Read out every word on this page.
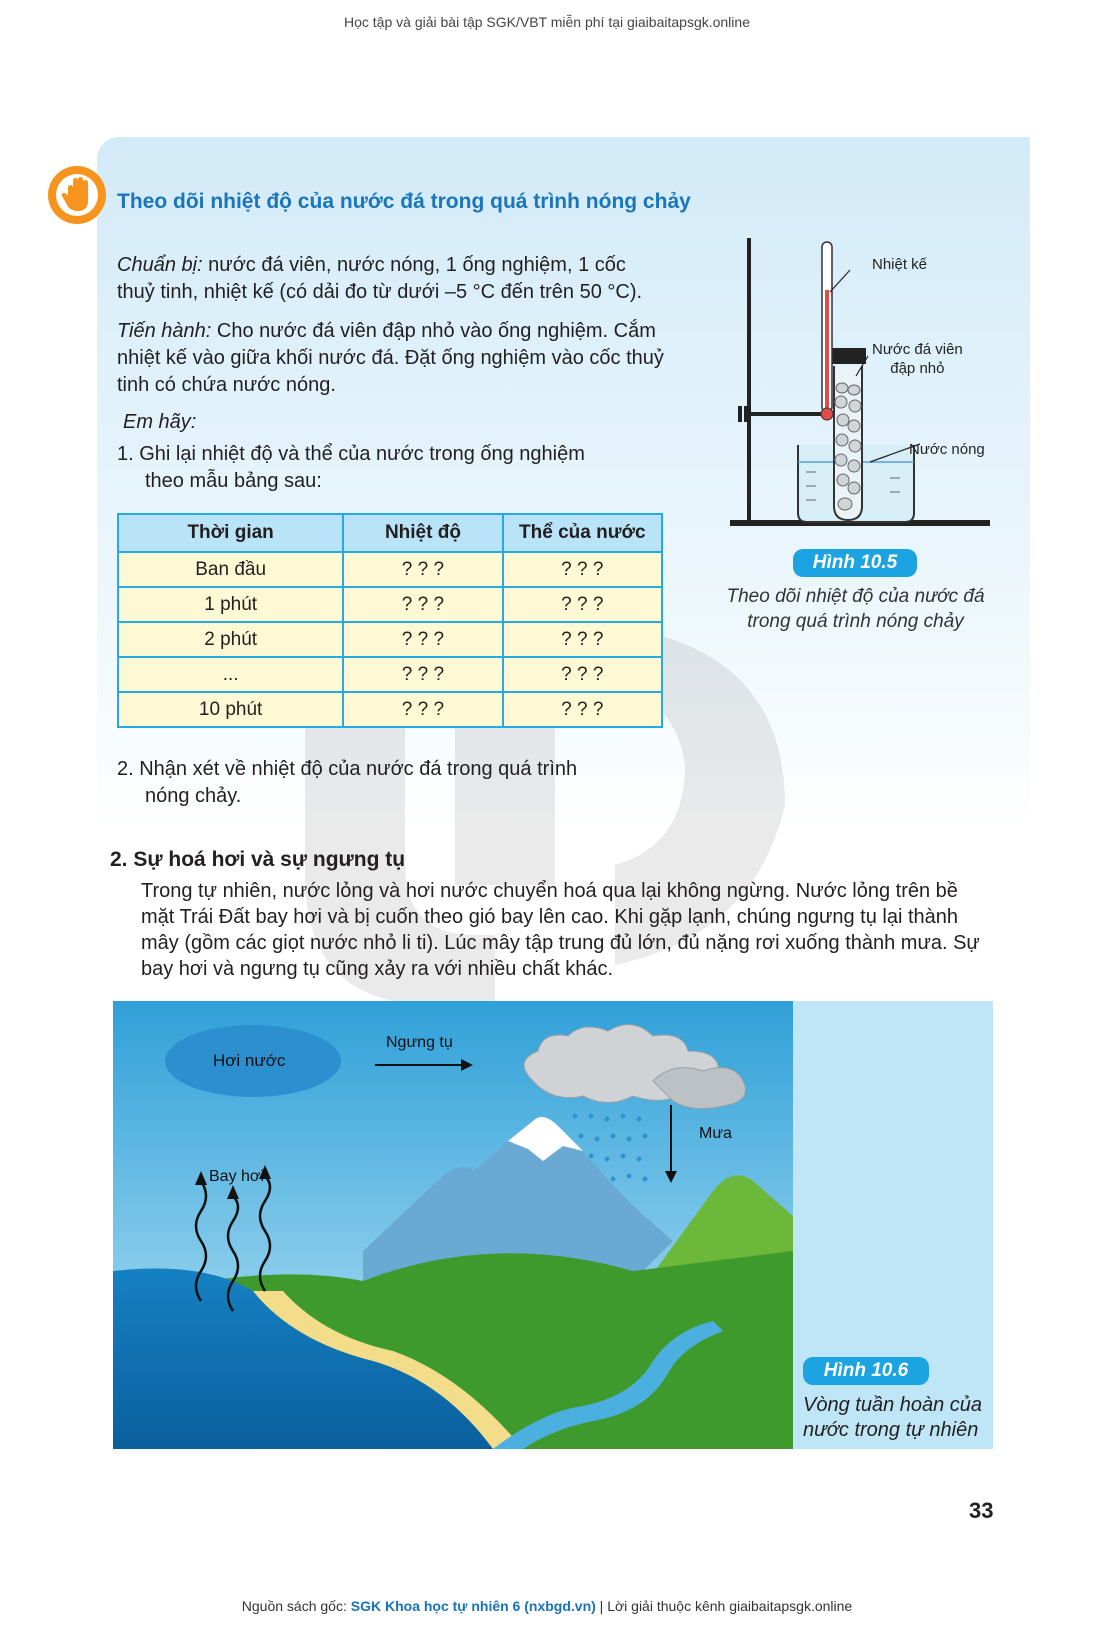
Học tập và giải bài tập SGK/VBT miễn phí tại giaibaitapsgk.online
Theo dõi nhiệt độ của nước đá trong quá trình nóng chảy
Chuẩn bị: nước đá viên, nước nóng, 1 ống nghiệm, 1 cốc thuỷ tinh, nhiệt kế (có dải đo từ dưới –5 °C đến trên 50 °C).
Tiến hành: Cho nước đá viên đập nhỏ vào ống nghiệm. Cắm nhiệt kế vào giữa khối nước đá. Đặt ống nghiệm vào cốc thuỷ tinh có chứa nước nóng.
Em hãy:
1. Ghi lại nhiệt độ và thể của nước trong ống nghiệm
theo mẫu bảng sau:
Thời gian	Nhiệt độ	Thể của nước
Ban đầu	? ? ?	? ? ?
1 phút	? ? ?	? ? ?
2 phút	? ? ?	? ? ?
...	? ? ?	? ? ?
10 phút	? ? ?	? ? ?
2. Nhận xét về nhiệt độ của nước đá trong quá trình
nóng chảy.
Nhiệt kế
Nước đá viên
đập nhỏ
Nước nóng
Hình 10.5
Theo dõi nhiệt độ của nước đá trong quá trình nóng chảy
2. Sự hoá hơi và sự ngưng tụ
Trong tự nhiên, nước lỏng và hơi nước chuyển hoá qua lại không ngừng. Nước lỏng trên bề mặt Trái Đất bay hơi và bị cuốn theo gió bay lên cao. Khi gặp lạnh, chúng ngưng tụ lại thành mây (gồm các giọt nước nhỏ li ti). Lúc mây tập trung đủ lớn, đủ nặng rơi xuống thành mưa. Sự bay hơi và ngưng tụ cũng xảy ra với nhiều chất khác.
Hơi nước
Ngưng tụ
Mưa
Bay hơi
Hình 10.6
Vòng tuần hoàn của nước trong tự nhiên
33
Nguồn sách gốc: SGK Khoa học tự nhiên 6 (nxbgd.vn) | Lời giải thuộc kênh giaibaitapsgk.online
